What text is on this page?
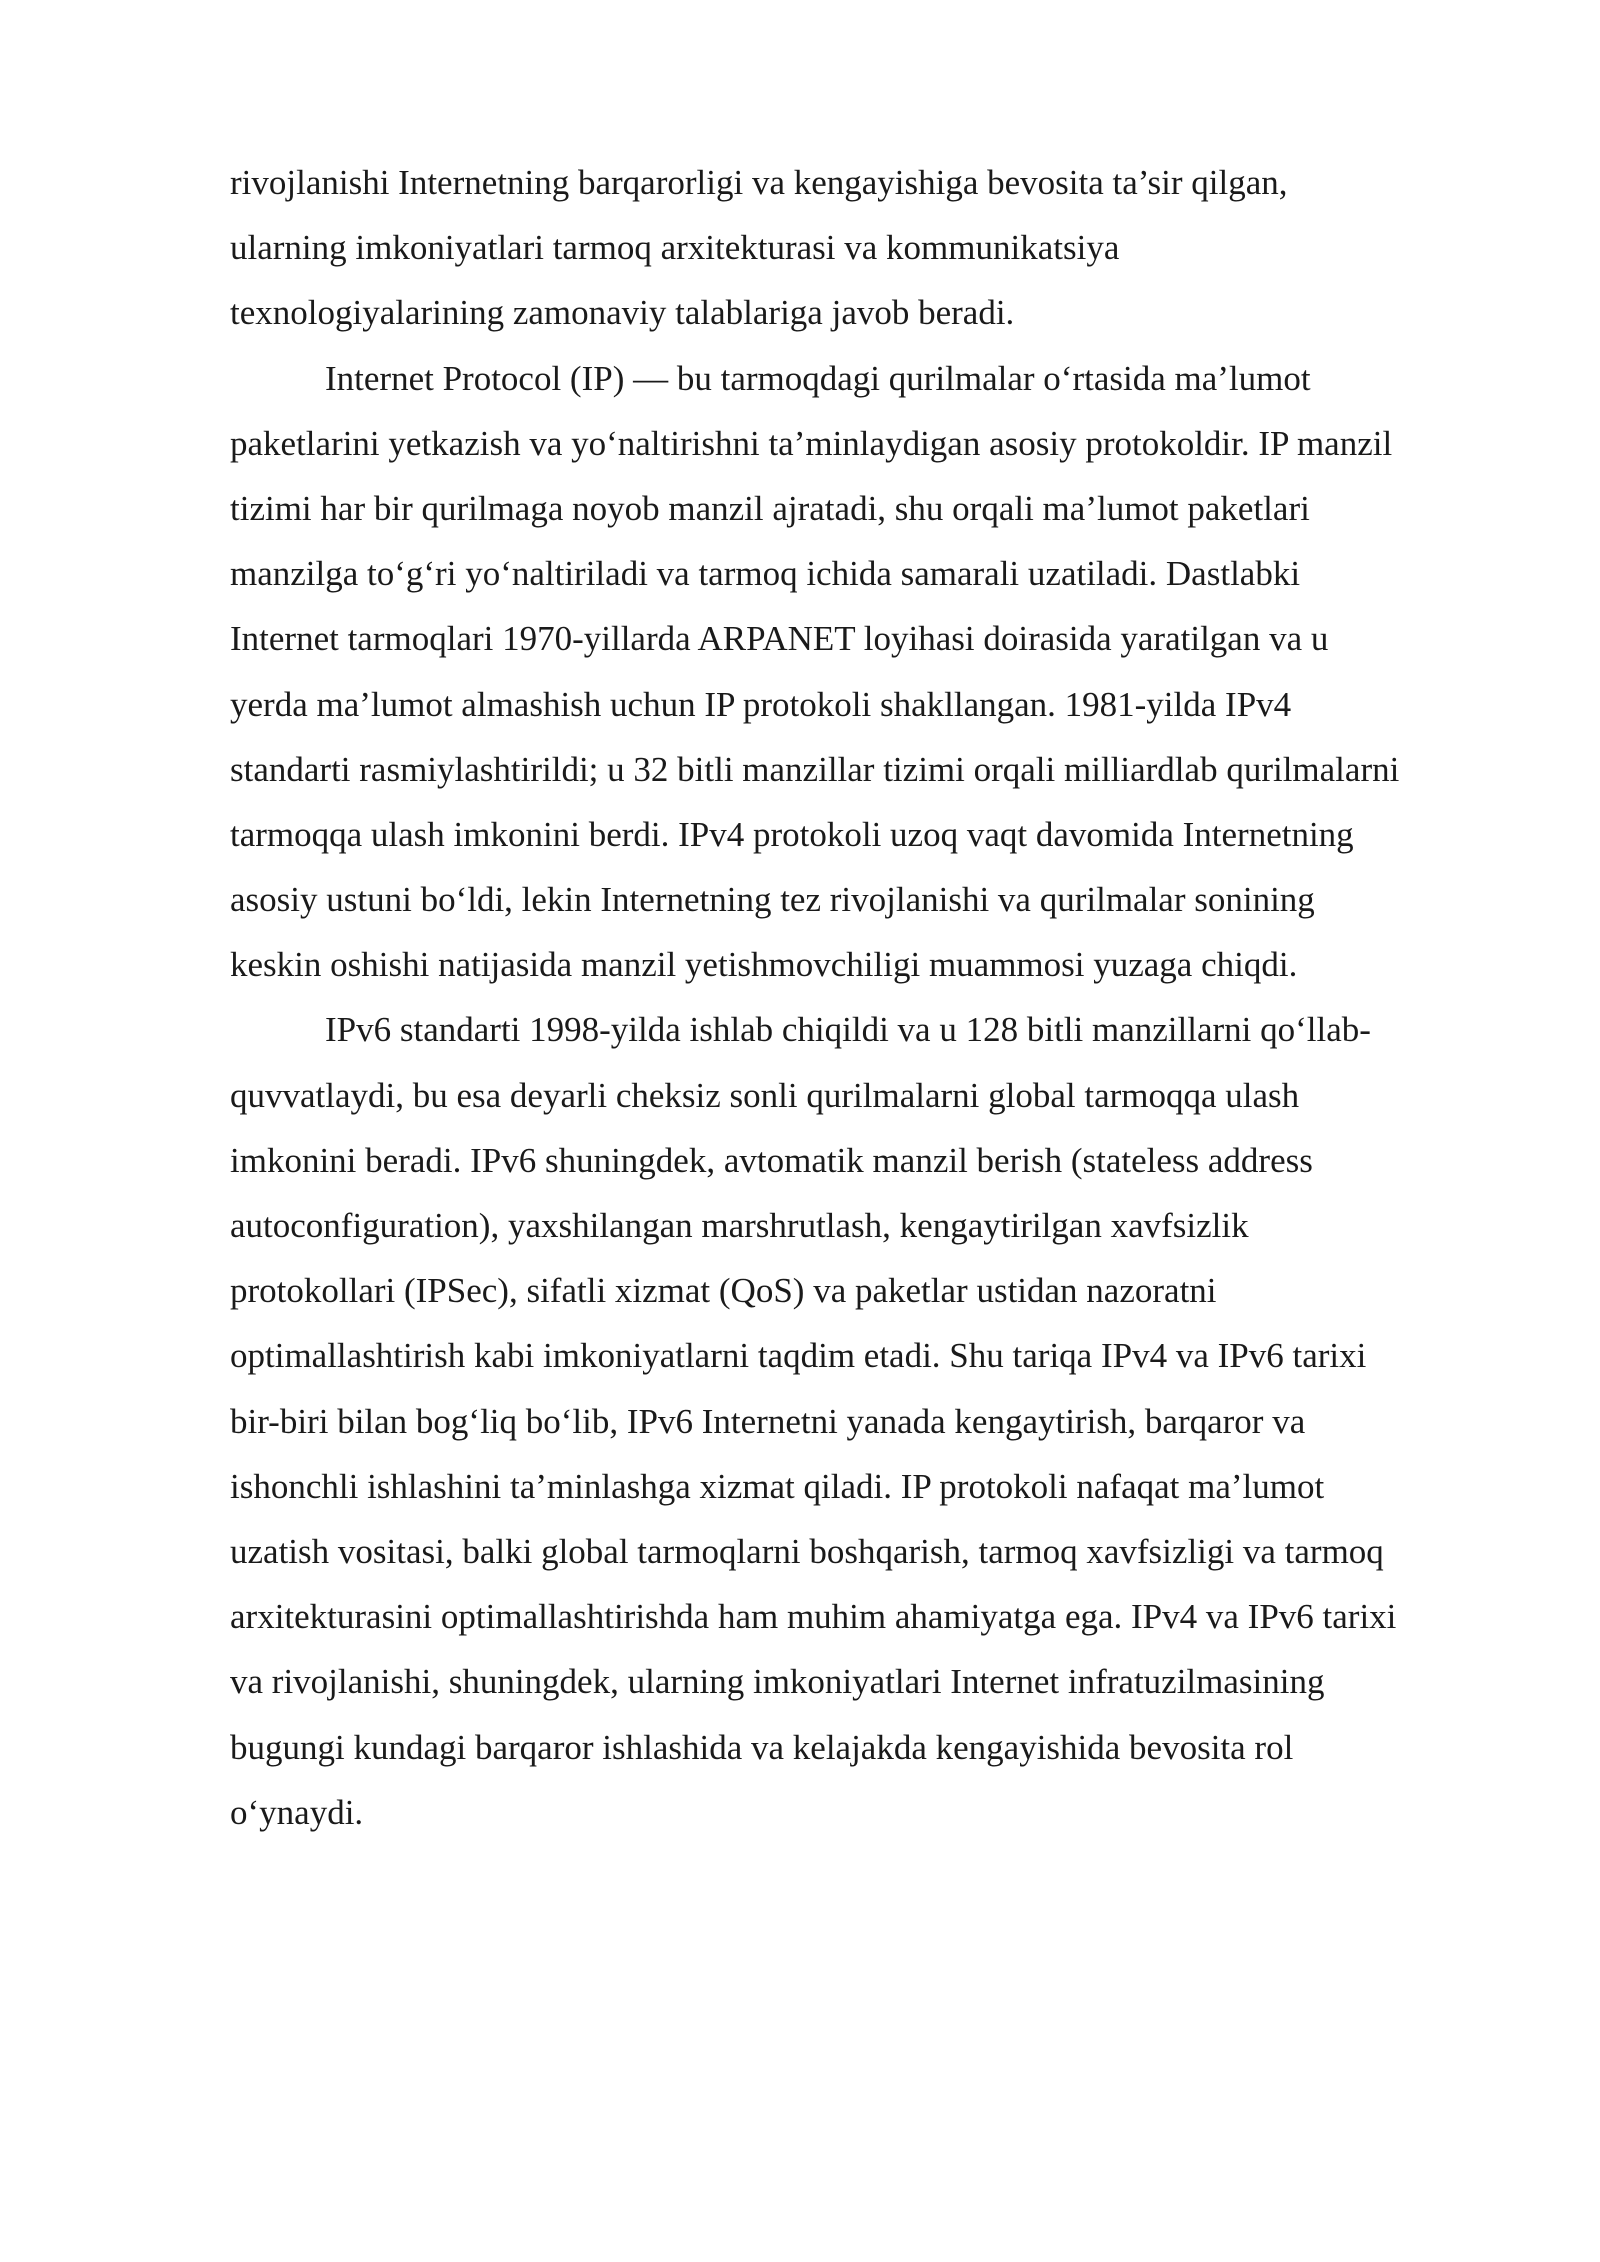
rivojlanishi Internetning barqarorligi va kengayishiga bevosita ta’sir qilgan,
ularning imkoniyatlari tarmoq arxitekturasi va kommunikatsiya
texnologiyalarining zamonaviy talablariga javob beradi.
Internet Protocol (IP) — bu tarmoqdagi qurilmalar o‘rtasida ma’lumot
paketlarini yetkazish va yo‘naltirishni ta’minlaydigan asosiy protokoldir. IP manzil
tizimi har bir qurilmaga noyob manzil ajratadi, shu orqali ma’lumot paketlari
manzilga to‘g‘ri yo‘naltiriladi va tarmoq ichida samarali uzatiladi. Dastlabki
Internet tarmoqlari 1970-yillarda ARPANET loyihasi doirasida yaratilgan va u
yerda ma’lumot almashish uchun IP protokoli shakllangan. 1981-yilda IPv4
standarti rasmiylashtirildi; u 32 bitli manzillar tizimi orqali milliardlab qurilmalarni
tarmoqqa ulash imkonini berdi. IPv4 protokoli uzoq vaqt davomida Internetning
asosiy ustuni bo‘ldi, lekin Internetning tez rivojlanishi va qurilmalar sonining
keskin oshishi natijasida manzil yetishmovchiligi muammosi yuzaga chiqdi.
IPv6 standarti 1998-yilda ishlab chiqildi va u 128 bitli manzillarni qo‘llab-
quvvatlaydi, bu esa deyarli cheksiz sonli qurilmalarni global tarmoqqa ulash
imkonini beradi. IPv6 shuningdek, avtomatik manzil berish (stateless address
autoconfiguration), yaxshilangan marshrutlash, kengaytirilgan xavfsizlik
protokollari (IPSec), sifatli xizmat (QoS) va paketlar ustidan nazoratni
optimallashtirish kabi imkoniyatlarni taqdim etadi. Shu tariqa IPv4 va IPv6 tarixi
bir-biri bilan bog‘liq bo‘lib, IPv6 Internetni yanada kengaytirish, barqaror va
ishonchli ishlashini ta’minlashga xizmat qiladi. IP protokoli nafaqat ma’lumot
uzatish vositasi, balki global tarmoqlarni boshqarish, tarmoq xavfsizligi va tarmoq
arxitekturasini optimallashtirishda ham muhim ahamiyatga ega. IPv4 va IPv6 tarixi
va rivojlanishi, shuningdek, ularning imkoniyatlari Internet infratuzilmasining
bugungi kundagi barqaror ishlashida va kelajakda kengayishida bevosita rol
o‘ynaydi.
